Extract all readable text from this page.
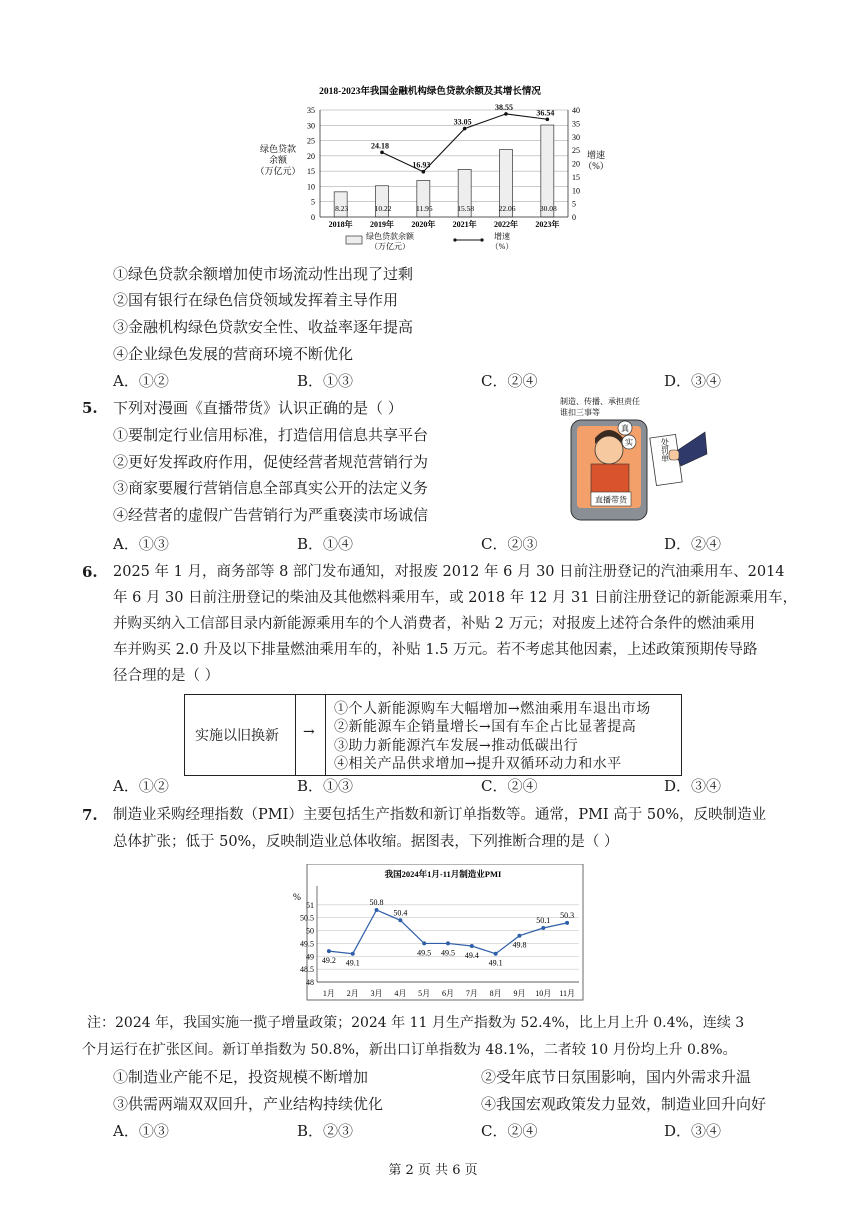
2018-2023年我国金融机构绿色贷款余额及其增长情况
8.23	10.22	11.95	15.58	22.06	30.08
24.18
16.93
33.05
38.55
36.54
0
5
10
15
20
25
30
35
0
5
10
15
20
25
30
35
40
2018年 2019年 2020年 2021年 2022年 2023年
绿色贷款
余额
（万亿元）
增速
（%）
绿色贷款余额
（万亿元）
增速
（%）
①绿色贷款余额增加使市场流动性出现了过剩
②国有银行在绿色信贷领域发挥着主导作用
③金融机构绿色贷款安全性、收益率逐年提高
④企业绿色发展的营商环境不断优化
A．①②	B．①③	C．②④	D．③④
5. 下列对漫画《直播带货》认识正确的是（ ）
①要制定行业信用标准，打造信用信息共享平台
②更好发挥政府作用，促使经营者规范营销行为
③商家要履行营销信息全部真实公开的法定义务
④经营者的虚假广告营销行为严重亵渎市场诚信
制造、传播、承担责任
谁扣三事等
直播带货
真
实	处罚单
A．①③	B．①④	C．②③	D．②④
6. 2025 年 1 月，商务部等 8 部门发布通知，对报废 2012 年 6 月 30 日前注册登记的汽油乘用车、2014
年 6 月 30 日前注册登记的柴油及其他燃料乘用车，或 2018 年 12 月 31 日前注册登记的新能源乘用车，
并购买纳入工信部目录内新能源乘用车的个人消费者，补贴 2 万元；对报废上述符合条件的燃油乘用
车并购买 2.0 升及以下排量燃油乘用车的，补贴 1.5 万元。若不考虑其他因素，上述政策预期传导路
径合理的是（ ）
实施以旧换新 →
①个人新能源购车大幅增加→燃油乘用车退出市场
②新能源车企销量增长→国有车企占比显著提高
③助力新能源汽车发展→推动低碳出行
④相关产品供求增加→提升双循环动力和水平
A．①②	B．①③	C．②④	D．③④
7. 制造业采购经理指数（PMI）主要包括生产指数和新订单指数等。通常，PMI 高于 50%，反映制造业
总体扩张；低于 50%，反映制造业总体收缩。据图表，下列推断合理的是（ ）
我国2024年1月-11月制造业PMI
%
48
48.5
49
49.5
50
50.5
51
1月 2月 3月 4月 5月 6月 7月 8月 9月 10月 11月
49.2 49.1
50.8
50.4
49.5 49.5 49.4
49.1
49.8
50.1
50.3
注：2024 年，我国实施一揽子增量政策；2024 年 11 月生产指数为 52.4%，比上月上升 0.4%，连续 3
个月运行在扩张区间。新订单指数为 50.8%，新出口订单指数为 48.1%，二者较 10 月份均上升 0.8%。
①制造业产能不足，投资规模不断增加	②受年底节日氛围影响，国内外需求升温
③供需两端双双回升，产业结构持续优化	④我国宏观政策发力显效，制造业回升向好
A．①③	B．②③	C．②④	D．③④
第 2 页 共 6 页
